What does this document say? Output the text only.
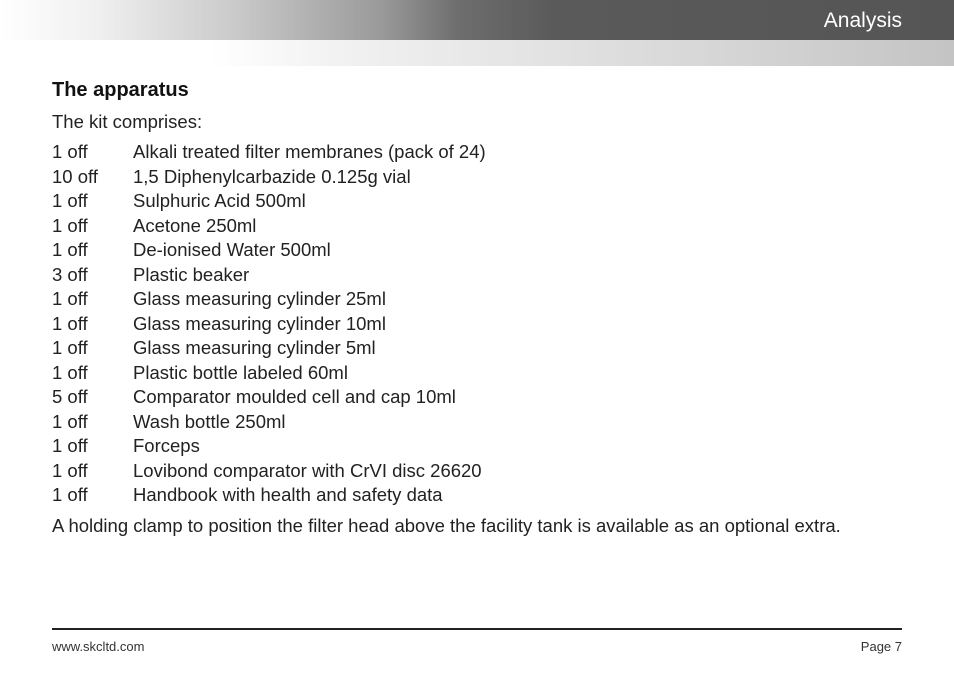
Analysis
The apparatus

The kit comprises:

1 off	Alkali treated filter membranes (pack of 24)
10 off	1,5 Diphenylcarbazide 0.125g vial
1 off	Sulphuric Acid 500ml
1 off	Acetone 250ml
1 off	De-ionised Water 500ml
3 off	Plastic beaker
1 off	Glass measuring cylinder 25ml
1 off	Glass measuring cylinder 10ml
1 off	Glass measuring cylinder 5ml
1 off	Plastic bottle labeled 60ml
5 off	Comparator moulded cell and cap 10ml
1 off	Wash bottle 250ml
1 off	Forceps
1 off	Lovibond comparator with CrVI disc 26620
1 off	Handbook with health and safety data

A holding clamp to position the filter head above the facility tank is available as an optional extra.

www.skcltd.com	Page 7
